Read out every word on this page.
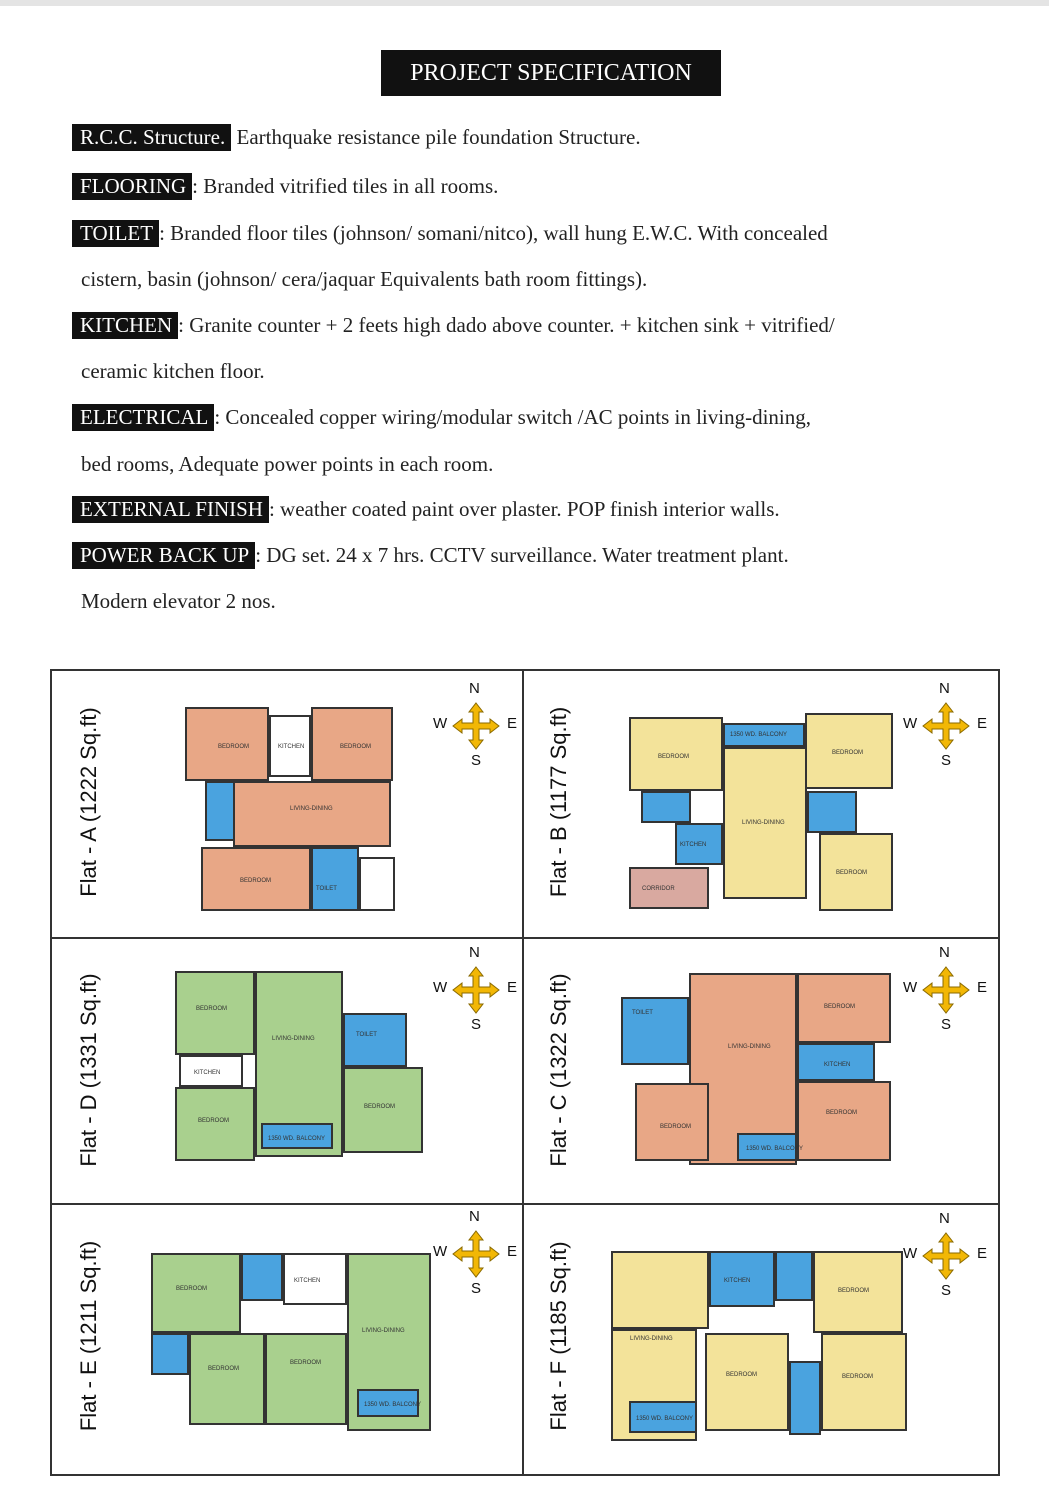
PROJECT SPECIFICATION
R.C.C. Structure. Earthquake resistance pile foundation Structure.
FLOORING : Branded vitrified tiles in all rooms.
TOILET : Branded floor tiles (johnson/ somani/nitco), wall hung E.W.C. With concealed
cistern, basin (johnson/ cera/jaquar Equivalents bath room fittings).
KITCHEN : Granite counter + 2 feets high dado above counter. + kitchen sink + vitrified/
ceramic kitchen floor.
ELECTRICAL : Concealed copper wiring/modular switch /AC points in living-dining,
bed rooms, Adequate power points in each room.
EXTERNAL FINISH : weather coated paint over plaster. POP finish interior walls.
POWER BACK UP : DG set. 24 x 7 hrs. CCTV surveillance. Water treatment plant.
Modern elevator 2 nos.
Flat - A (1222 Sq.ft)	Flat - B (1177 Sq.ft)
Flat - D (1331 Sq.ft)	Flat - C (1322 Sq.ft)
Flat - E (1211 Sq.ft)	Flat - F (1185 Sq.ft)
BEDROOM	KITCHEN	BEDROOM
LIVING-DINING
BEDROOM
TOILET
BEDROOM
1350 WD. BALCONY
BEDROOM
LIVING-DINING
KITCHEN
BEDROOM
CORRIDOR
BEDROOM
LIVING-DINING
KITCHEN
TOILET
BEDROOM
BEDROOM
1350 WD. BALCONY
TOILET
LIVING-DINING
BEDROOM
KITCHEN
BEDROOM
BEDROOM
1350 WD. BALCONY
BEDROOM
KITCHEN
BEDROOM
BEDROOM
LIVING-DINING
1350 WD. BALCONY
KITCHEN
BEDROOM
LIVING-DINING
BEDROOM	BEDROOM
1350 WD. BALCONY
N
W	E
S
N
W	E
S
N
W	E
S
N
W	E
S
N
W	E
S
N
W	E
S
